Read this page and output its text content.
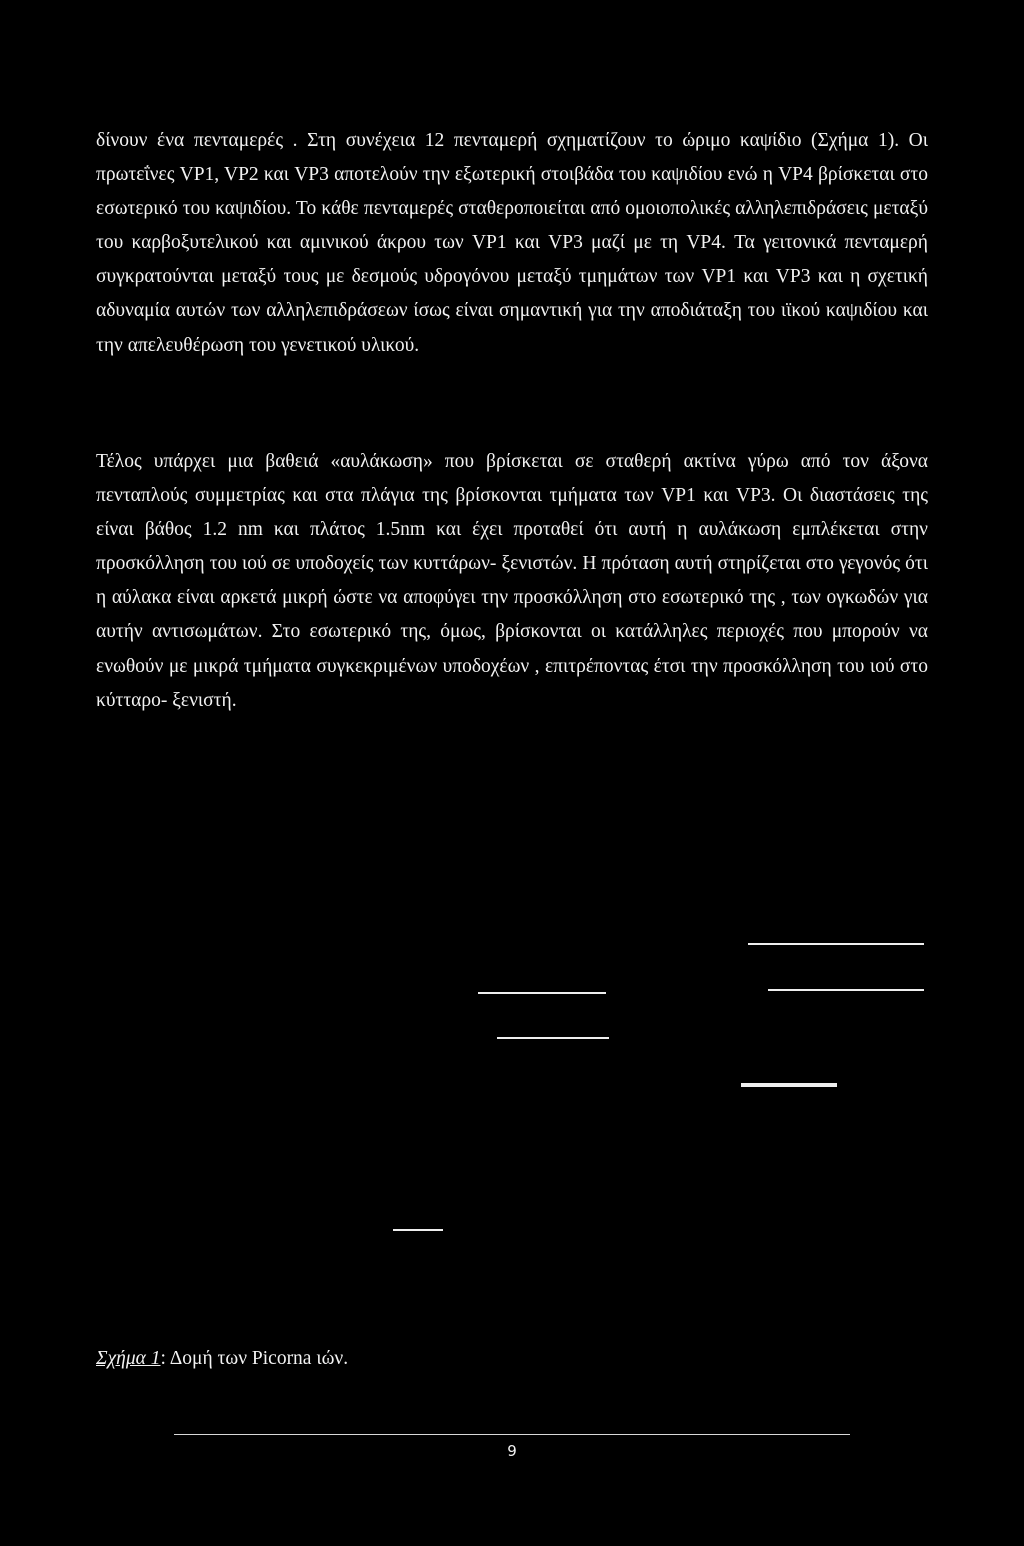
δίνουν ένα πενταμερές . Στη συνέχεια 12 πενταμερή σχηματίζουν το ώριμο καψίδιο (Σχήμα 1). Οι πρωτεΐνες VP1, VP2 και VP3 αποτελούν την εξωτερική στοιβάδα του καψιδίου ενώ η VP4 βρίσκεται στο εσωτερικό του καψιδίου. Το κάθε πενταμερές σταθεροποιείται από ομοιοπολικές αλληλεπιδράσεις μεταξύ του καρβοξυτελικού και αμινικού άκρου των VP1 και VP3 μαζί με τη VP4. Τα γειτονικά πενταμερή συγκρατούνται μεταξύ τους με δεσμούς υδρογόνου μεταξύ τμημάτων των VP1 και VP3 και η σχετική αδυναμία αυτών των αλληλεπιδράσεων ίσως είναι σημαντική για την αποδιάταξη του ιϊκού καψιδίου και την απελευθέρωση του γενετικού υλικού.

Τέλος υπάρχει μια βαθειά «αυλάκωση» που βρίσκεται σε σταθερή ακτίνα γύρω από τον άξονα πενταπλούς συμμετρίας και στα πλάγια της βρίσκονται τμήματα των VP1 και VP3. Οι διαστάσεις της είναι βάθος 1.2 nm και πλάτος 1.5nm και έχει προταθεί ότι αυτή η αυλάκωση εμπλέκεται στην προσκόλληση του ιού σε υποδοχείς των κυττάρων- ξενιστών. Η πρόταση αυτή στηρίζεται στο γεγονός ότι η αύλακα είναι αρκετά μικρή ώστε να αποφύγει την προσκόλληση στο εσωτερικό της , των ογκωδών για αυτήν αντισωμάτων. Στο εσωτερικό της, όμως, βρίσκονται οι κατάλληλες περιοχές που μπορούν να ενωθούν με μικρά τμήματα συγκεκριμένων υποδοχέων , επιτρέποντας έτσι την προσκόλληση του ιού στο κύτταρο- ξενιστή.

Σχήμα 1: Δομή των Picorna ιών.
9
